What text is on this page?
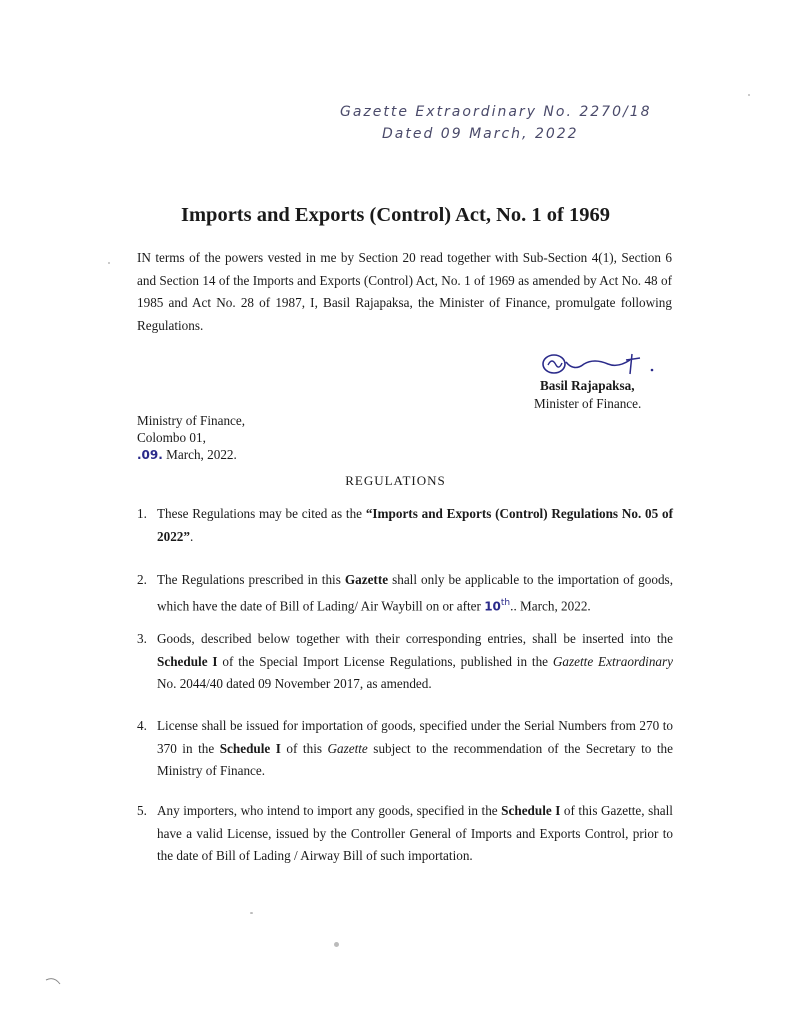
Gazette Extraordinary No. 2270/18
Dated 09 March, 2022
Imports and Exports (Control) Act, No. 1 of 1969
IN terms of the powers vested in me by Section 20 read together with Sub-Section 4(1), Section 6 and Section 14 of the Imports and Exports (Control) Act, No. 1 of 1969 as amended by Act No. 48 of 1985 and Act No. 28 of 1987, I, Basil Rajapaksa, the Minister of Finance, promulgate following Regulations.
Basil Rajapaksa,
Minister of Finance.
Ministry of Finance,
Colombo 01,
.09. March, 2022.
REGULATIONS
1. These Regulations may be cited as the “Imports and Exports (Control) Regulations No. 05 of 2022”.
2. The Regulations prescribed in this Gazette shall only be applicable to the importation of goods, which have the date of Bill of Lading/ Air Waybill on or after 10th.. March, 2022.
3. Goods, described below together with their corresponding entries, shall be inserted into the Schedule I of the Special Import License Regulations, published in the Gazette Extraordinary No. 2044/40 dated 09 November 2017, as amended.
4. License shall be issued for importation of goods, specified under the Serial Numbers from 270 to 370 in the Schedule I of this Gazette subject to the recommendation of the Secretary to the Ministry of Finance.
5. Any importers, who intend to import any goods, specified in the Schedule I of this Gazette, shall have a valid License, issued by the Controller General of Imports and Exports Control, prior to the date of Bill of Lading / Airway Bill of such importation.
